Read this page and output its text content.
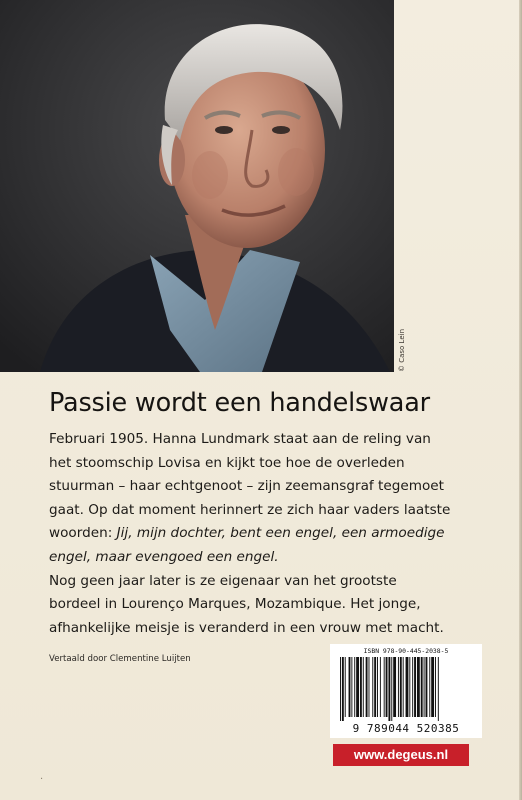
© Caso Lein
Passie wordt een handelswaar

Februari 1905. Hanna Lundmark staat aan de reling van
het stoomschip Lovisa en kijkt toe hoe de overleden
stuurman – haar echtgenoot – zijn zeemansgraf tegemoet
gaat. Op dat moment herinnert ze zich haar vaders laatste
woorden: Jij, mijn dochter, bent een engel, een armoedige
engel, maar evengoed een engel.

Nog geen jaar later is ze eigenaar van het grootste
bordeel in Lourenço Marques, Mozambique. Het jonge,
afhankelijke meisje is veranderd in een vrouw met macht.

Vertaald door Clementine Luijten
ISBN 978-90-445-2038-5
9 789044 520385
www.degeus.nl
·
